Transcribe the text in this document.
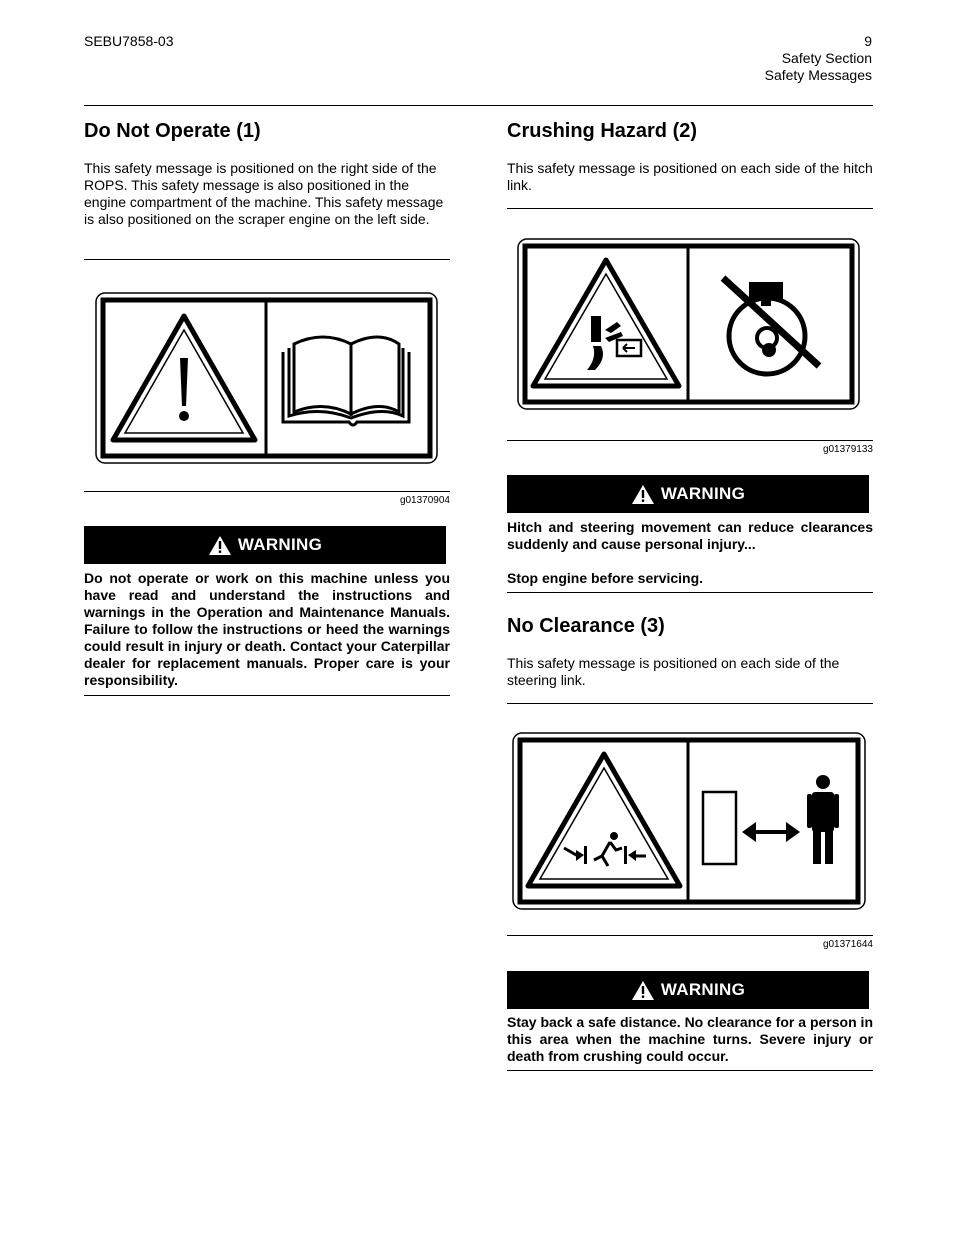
SEBU7858-03	9
Safety Section
Safety Messages
Do Not Operate (1)

This safety message is positioned on the right side of the ROPS. This safety message is also positioned in the engine compartment of the machine. This safety message is also positioned on the scraper engine on the left side.

g01370904
WARNING

Do not operate or work on this machine unless you have read and understand the instructions and warnings in the Operation and Maintenance Manuals. Failure to follow the instructions or heed the warnings could result in injury or death. Contact your Caterpillar dealer for replacement manuals. Proper care is your responsibility.

Crushing Hazard (2)

This safety message is positioned on each side of the hitch link.

g01379133
WARNING

Hitch and steering movement can reduce clearances suddenly and cause personal injury...

Stop engine before servicing.

No Clearance (3)

This safety message is positioned on each side of the steering link.

g01371644
WARNING

Stay back a safe distance. No clearance for a person in this area when the machine turns. Severe injury or death from crushing could occur.
